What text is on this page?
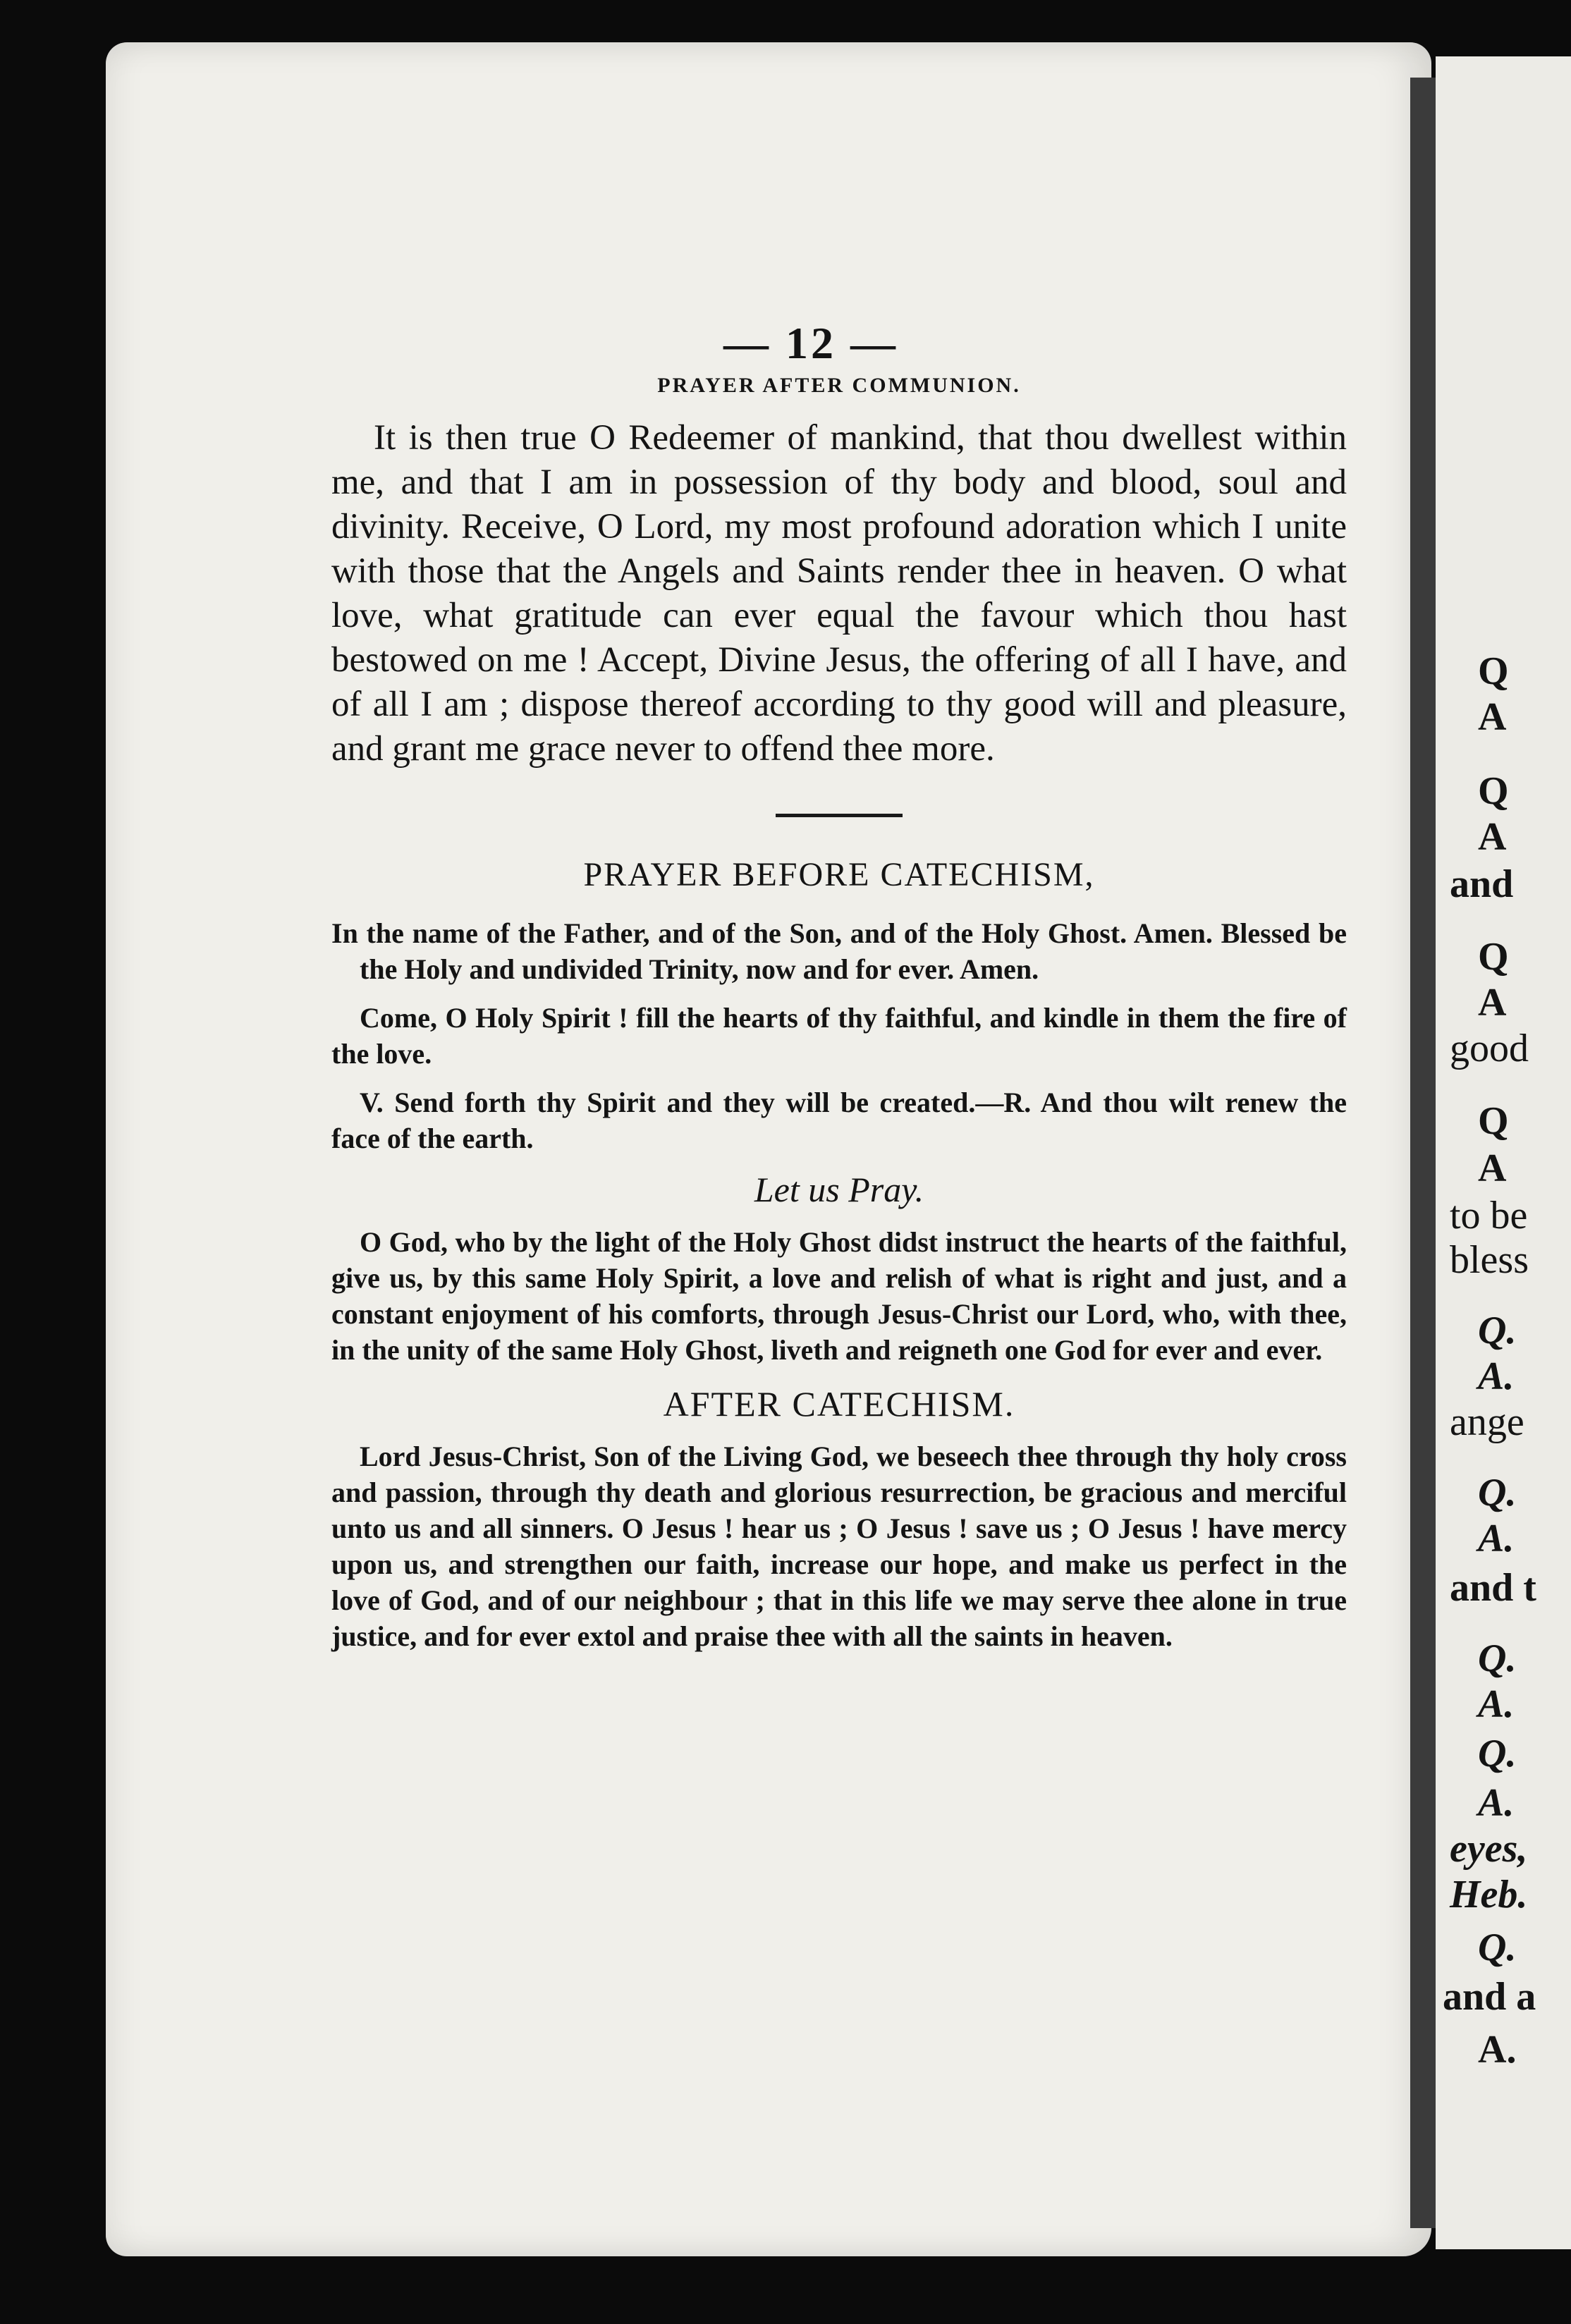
Q
A
Q
A
and
Q
A
good
Q
A
to be
bless
Q.
A.
ange
Q.
A.
and t
Q.
A.
Q.
A.
eyes,
Heb.
Q.
and a
A.
— 12 —
PRAYER AFTER COMMUNION.

It is then true O Redeemer of mankind, that thou dwellest within me, and that I am in possession of thy body and blood, soul and divinity. Receive, O Lord, my most profound adoration which I unite with those that the Angels and Saints render thee in heaven. O what love, what gratitude can ever equal the favour which thou hast bestowed on me ! Accept, Divine Jesus, the offering of all I have, and of all I am ; dispose thereof according to thy good will and pleasure, and grant me grace never to offend thee more.

PRAYER BEFORE CATECHISM,

In the name of the Father, and of the Son, and of the Holy Ghost. Amen. Blessed be the Holy and undivided Trinity, now and for ever. Amen.

Come, O Holy Spirit ! fill the hearts of thy faithful, and kindle in them the fire of the love.

V. Send forth thy Spirit and they will be created.—R. And thou wilt renew the face of the earth.

Let us Pray.

O God, who by the light of the Holy Ghost didst instruct the hearts of the faithful, give us, by this same Holy Spirit, a love and relish of what is right and just, and a constant enjoyment of his comforts, through Jesus-Christ our Lord, who, with thee, in the unity of the same Holy Ghost, liveth and reigneth one God for ever and ever.

AFTER CATECHISM.

Lord Jesus-Christ, Son of the Living God, we beseech thee through thy holy cross and passion, through thy death and glorious resurrection, be gracious and merciful unto us and all sinners. O Jesus ! hear us ; O Jesus ! save us ; O Jesus ! have mercy upon us, and strengthen our faith, increase our hope, and make us perfect in the love of God, and of our neighbour ; that in this life we may serve thee alone in true justice, and for ever extol and praise thee with all the saints in heaven.
